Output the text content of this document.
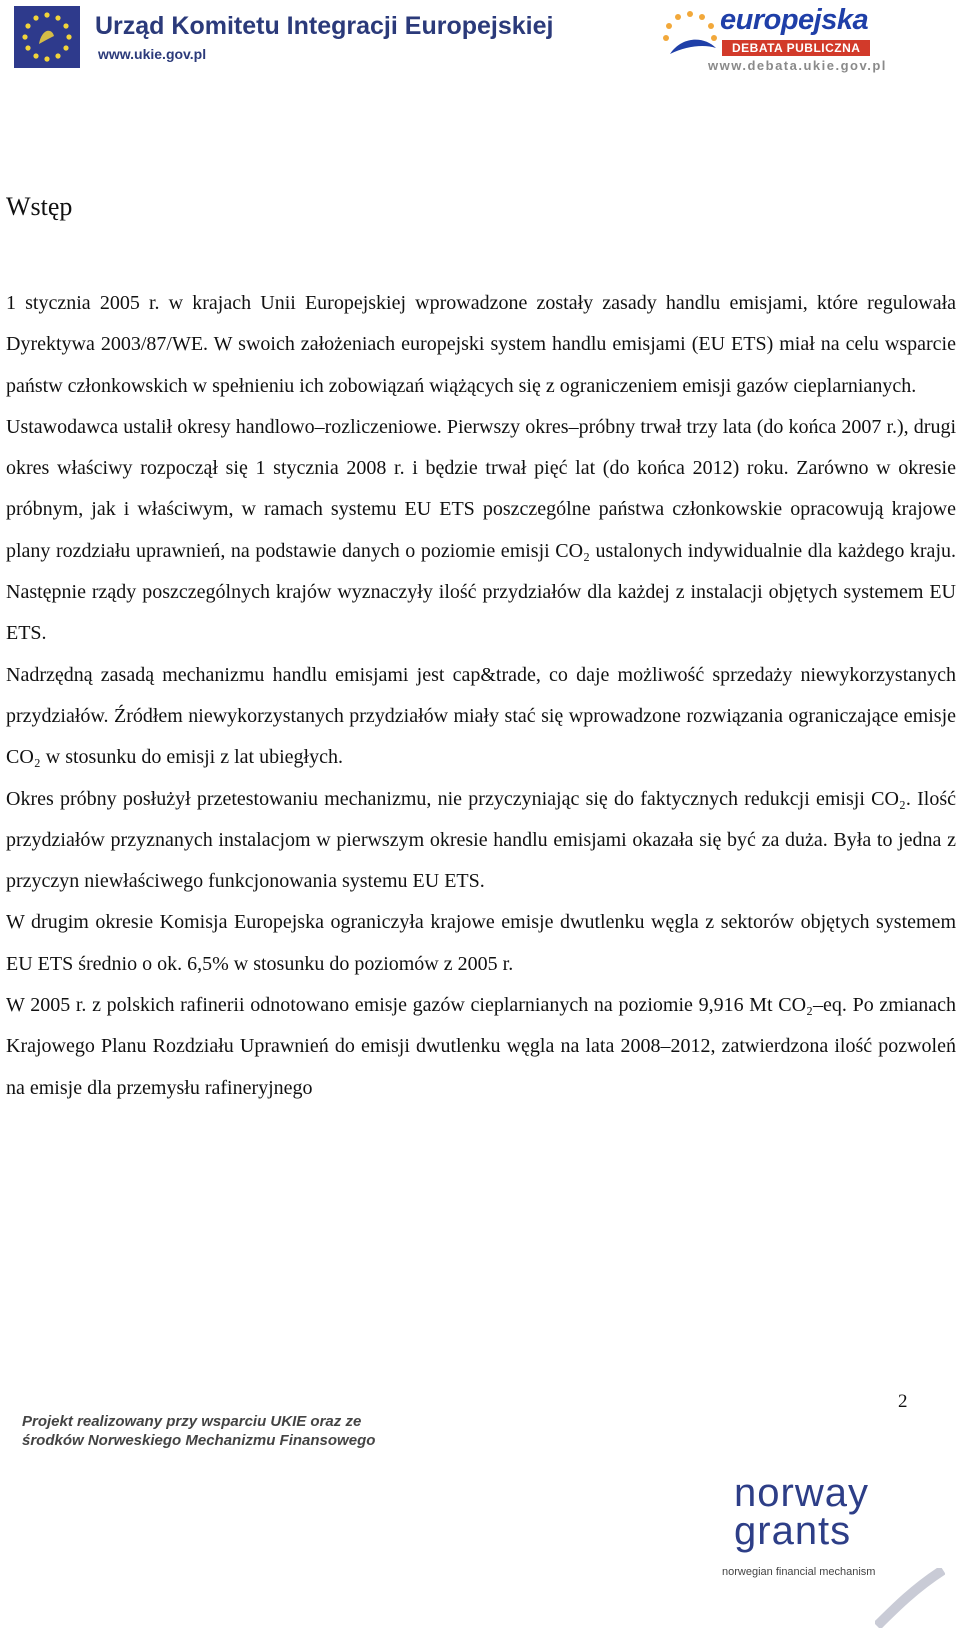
Urząd Komitetu Integracji Europejskiej
www.ukie.gov.pl
europejska
DEBATA PUBLICZNA
www.debata.ukie.gov.pl
Wstęp

1 stycznia 2005 r. w krajach Unii Europejskiej wprowadzone zostały zasady handlu emisjami, które regulowała Dyrektywa 2003/87/WE. W swoich założeniach europejski system handlu emisjami (EU ETS) miał na celu wsparcie państw członkowskich w spełnieniu ich zobowiązań wiążących się z ograniczeniem emisji gazów cieplarnianych.

Ustawodawca ustalił okresy handlowo–rozliczeniowe. Pierwszy okres–próbny trwał trzy lata (do końca 2007 r.), drugi okres właściwy rozpoczął się 1 stycznia 2008 r. i będzie trwał pięć lat (do końca 2012) roku. Zarówno w okresie próbnym, jak i właściwym, w ramach systemu EU ETS poszczególne państwa członkowskie opracowują krajowe plany rozdziału uprawnień, na podstawie danych o poziomie emisji CO₂ ustalonych indywidualnie dla każdego kraju. Następnie rządy poszczególnych krajów wyznaczyły ilość przydziałów dla każdej z instalacji objętych systemem EU ETS.

Nadrzędną zasadą mechanizmu handlu emisjami jest cap&trade, co daje możliwość sprzedaży niewykorzystanych przydziałów. Źródłem niewykorzystanych przydziałów miały stać się wprowadzone rozwiązania ograniczające emisje CO₂ w stosunku do emisji z lat ubiegłych.

Okres próbny posłużył przetestowaniu mechanizmu, nie przyczyniając się do faktycznych redukcji emisji CO₂. Ilość przydziałów przyznanych instalacjom w pierwszym okresie handlu emisjami okazała się być za duża. Była to jedna z przyczyn niewłaściwego funkcjonowania systemu EU ETS.

W drugim okresie Komisja Europejska ograniczyła krajowe emisje dwutlenku węgla z sektorów objętych systemem EU ETS średnio o ok. 6,5% w stosunku do poziomów z 2005 r.

W 2005 r. z polskich rafinerii odnotowano emisje gazów cieplarnianych na poziomie 9,916 Mt CO₂–eq. Po zmianach Krajowego Planu Rozdziału Uprawnień do emisji dwutlenku węgla na lata 2008–2012, zatwierdzona ilość pozwoleń na emisje dla przemysłu rafineryjnego

2
Projekt realizowany przy wsparciu UKIE oraz ze
środków Norweskiego Mechanizmu Finansowego
norway
grants
norwegian financial mechanism
